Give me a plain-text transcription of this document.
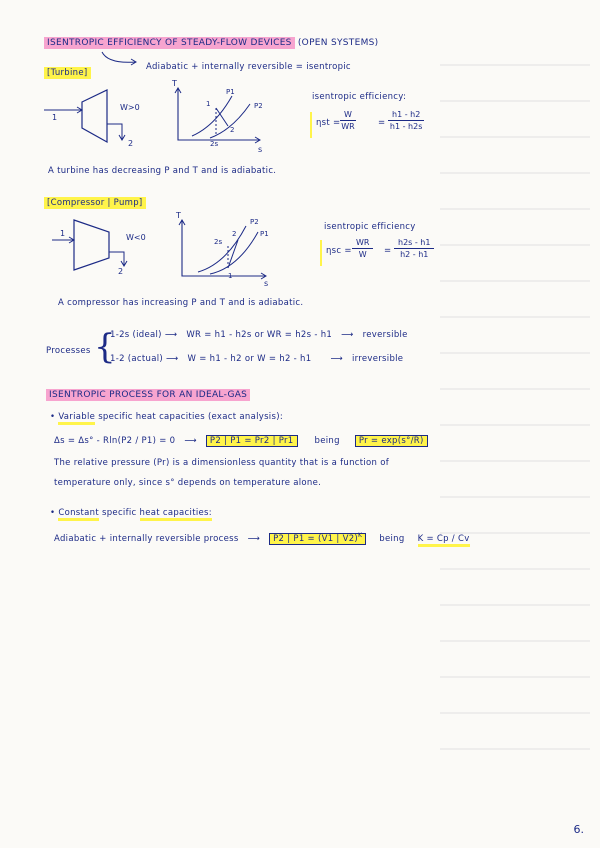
ISENTROPIC EFFICIENCY OF STEADY-FLOW DEVICES (OPEN SYSTEMS)
Adiabatic + internally reversible = isentropic
[Turbine]
1
2
W>0
T
s
P1
P2
1
2
2s
isentropic efficiency:
$\eta st = \frac{W}{WR}$	= $\frac{h1 - h2}{h1 - h2s}$
A turbine has decreasing P and T and is adiabatic.
[Compressor | Pump]
1
2
W<0
T
s
P2
P1
2
2s
1
isentropic efficiency
$\eta sc = \frac{WR}{W} = \frac{h2s - h1}{h2 - h1}$
A compressor has increasing P and T and is adiabatic.
Processes {
1-2s (ideal) ⟶ WR = h1 - h2s or WR = h2s - h1 ⟶ reversible
1-2 (actual) ⟶ W = h1 - h2 or W = h2 - h1 ⟶ irreversible
ISENTROPIC PROCESS FOR AN IDEAL-GAS
• Variable specific heat capacities (exact analysis):
Δs = Δs° - Rln(P2 / P1) = 0 ⟶ P2 | P1 = Pr2 | Pr1 being Pr = exp(s°/R)
The relative pressure (Pr) is a dimensionless quantity that is a function of
temperature only, since s° depends on temperature alone.
• Constant specific heat capacities:
Adiabatic + internally reversible process ⟶ P2 | P1 = (V1 | V2)$^K$ being K = Cp / Cv
6.
